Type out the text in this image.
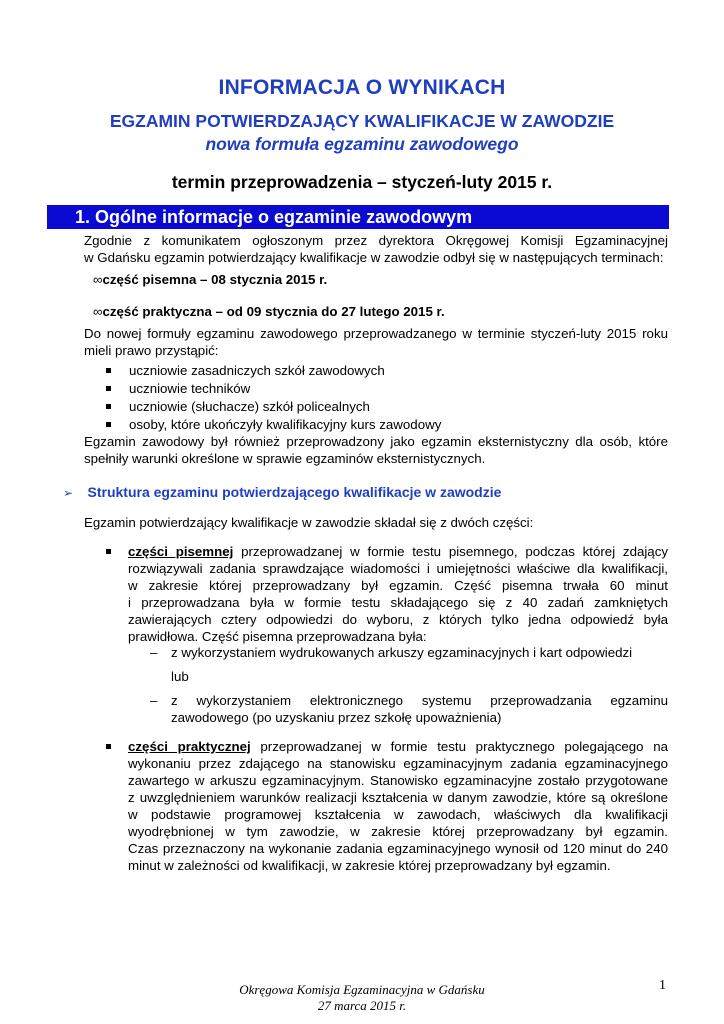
INFORMACJA O WYNIKACH
EGZAMIN POTWIERDZAJĄCY KWALIFIKACJE W ZAWODZIE
nowa formuła egzaminu zawodowego
termin przeprowadzenia – styczeń-luty 2015 r.
1. Ogólne informacje o egzaminie zawodowym
Zgodnie z komunikatem ogłoszonym przez dyrektora Okręgowej Komisji Egzaminacyjnej
w Gdańsku egzamin potwierdzający kwalifikacje w zawodzie odbył się w następujących terminach:
∞część pisemna – 08 stycznia 2015 r.
∞część praktyczna – od 09 stycznia do 27 lutego 2015 r.
Do nowej formuły egzaminu zawodowego przeprowadzanego w terminie styczeń-luty 2015 roku
mieli prawo przystąpić:
uczniowie zasadniczych szkół zawodowych
uczniowie techników
uczniowie (słuchacze) szkół policealnych
osoby, które ukończyły kwalifikacyjny kurs zawodowy
Egzamin zawodowy był również przeprowadzony jako egzamin eksternistyczny dla osób, które
spełniły warunki określone w sprawie egzaminów eksternistycznych.
➢ Struktura egzaminu potwierdzającego kwalifikacje w zawodzie
Egzamin potwierdzający kwalifikacje w zawodzie składał się z dwóch części:
części pisemnej przeprowadzanej w formie testu pisemnego, podczas której zdający
rozwiązywali zadania sprawdzające wiadomości i umiejętności właściwe dla kwalifikacji,
w zakresie której przeprowadzany był egzamin. Część pisemna trwała 60 minut
i przeprowadzana była w formie testu składającego się z 40 zadań zamkniętych
zawierających cztery odpowiedzi do wyboru, z których tylko jedna odpowiedź była
prawidłowa. Część pisemna przeprowadzana była:
– z wykorzystaniem wydrukowanych arkuszy egzaminacyjnych i kart odpowiedzi
lub
– z wykorzystaniem elektronicznego systemu przeprowadzania egzaminu
zawodowego (po uzyskaniu przez szkołę upoważnienia)
części praktycznej przeprowadzanej w formie testu praktycznego polegającego na
wykonaniu przez zdającego na stanowisku egzaminacyjnym zadania egzaminacyjnego
zawartego w arkuszu egzaminacyjnym. Stanowisko egzaminacyjne zostało przygotowane
z uwzględnieniem warunków realizacji kształcenia w danym zawodzie, które są określone
w podstawie programowej kształcenia w zawodach, właściwych dla kwalifikacji
wyodrębnionej w tym zawodzie, w zakresie której przeprowadzany był egzamin.
Czas przeznaczony na wykonanie zadania egzaminacyjnego wynosił od 120 minut do 240
minut w zależności od kwalifikacji, w zakresie której przeprowadzany był egzamin.
1
Okręgowa Komisja Egzaminacyjna w Gdańsku
27 marca 2015 r.
